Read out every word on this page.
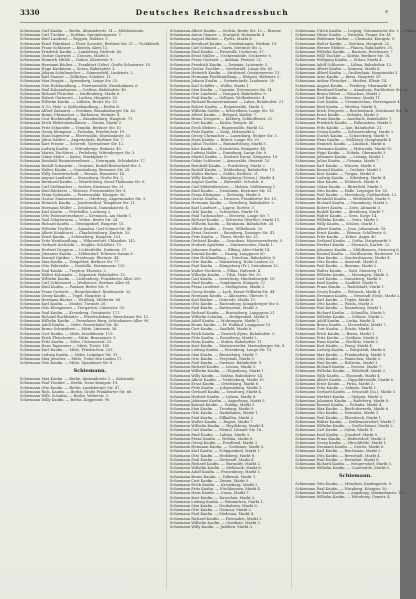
3330	Deutsches Reichsadressbuch	*
Schiemann Carl Kaufm. — Berlin, Alexanderstr. 14 — Mühlenbesitz.
Schiemann Carl Tischler — Kottbus, Sprembergerstr. 7.
Schiemann Emil Landwirt — Reppen, Waldstr. 3.
Schiemann Ernst Fabrikant — Forst (Lausitz), Berliner Str. 21 — Tuchfabrik.
Schiemann Franz Schlosser — Küstrin, Kietz 12.
Schiemann Friedrich Kaufm. — Landsberg, Richtstr. 40.
Schiemann Gustav Gastwirt — Crossen, Markt 5.
Schiemann Heinrich Mühle — Guben, Klosterstr. 9.
Schiemann Hermann Bäcker — Frankfurt (Oder), Große Scharrnstr. 18.
Schiemann Hugo Kaufmann — Sorau, Bahnhofstr. 3.
Schiemann Johann Schuhmacher — Sommerfeld, Lindenstr. 2.
Schiemann Karl Maurer — Züllichau, Schulstr. 11.
Schiemann Max Drogist — Spremberg, Lange Str. 25.
Schiemann Otto Holzhandlung — Fürstenwalde, Eisenbahnstr. 6.
Schiemann Paul Kolonialwaren — Cottbus, Bahnhofstr. 49.
Schiemann Richard Fleischer — Senftenberg, Markt 8.
Schiemann Robert Gärtnerei — Luckau, Hauptstr. 30.
Schiemann Wilhelm Kaufm. — Lübben, Breite Str. 15.
Schiemann & Co. Holz- u. Kohlenhandlung — Berlin N.
Schiemann Alfred Zahnarzt — Potsdam, Brandenburger Str. 62.
Schiemann Bruno Uhrmacher — Rathenow, Steinstr. 4.
Schiemann Curt Buchhandlung — Brandenburg, Hauptstr. 71.
Schiemann Erich Elektroinstallation — Nauen, Markt 2.
Schiemann Fritz Schneider — Templin, Berliner Str. 10.
Schiemann Georg Klempner — Prenzlau, Friedrichstr. 19.
Schiemann Hans Ingenieur — Eberswalde, Eisenbahnstr. 33.
Schiemann Julius Sattler — Angermünde, Berliner Str. 7.
Schiemann Kurt Friseur — Schwedt, Vierradener Str. 12.
Schiemann Ludwig Kaufm. — Wittenberge, Bahnstr. 45.
Schiemann Martin Tischlerei — Perleberg, Wittenberger Str. 3.
Schiemann Oskar Maler — Kyritz, Marktplatz 9.
Schiemann Reinhold Bauunternehmer — Neuruppin, Schinkelstr. 17.
Schiemann Rudolf Schmiede — Gransee, Rudolf-Breitscheid-Str. 5.
Schiemann Walter Kaufm. — Oranienburg, Bernauer Str. 28.
Schiemann Willy Gastwirtschaft — Bernau, Brauerstr. 14.
Schiemann August Landwirt — Strausberg, Große Str. 2.
Schiemann Bernhard Kaufm. — Müncheberg, Ernst-Thälmann-Str. 6.
Schiemann Carl Stellmacher — Seelow, Küstriner Str. 21.
Schiemann Emil Bäckerei — Wriezen, Freienwalder Str. 8.
Schiemann Franz Kolonialw. — Freienwalde, Königstr. 36.
Schiemann Gustav Zimmermeister — Oderberg, Angermünder Str. 3.
Schiemann Heinrich Kaufm. — Joachimsthal, Templiner Str. 11.
Schiemann Hermann Müller — Zehdenick, Dammhaststr. 4.
Schiemann Karl Kaufm. — Fehrbellin, Luchweg 2.
Schiemann Otto Fuhrunternehmer — Kremmen, Am Markt 1.
Schiemann Paul Schuhwaren — Velten, Breite Str. 24.
Schiemann Richard Kaufm. — Hennigsdorf, Hauptstr. 13.
Schiemann Wilhelm Tischler — Spandau, Carl-Schurz-Str. 40.
Schiemann Albert Konditorei — Charlottenburg, Kantstr. 55.
Schiemann Ernst Kaufm. — Schöneberg, Hauptstr. 101.
Schiemann Fritz Weinhandlung — Wilmersdorf, Uhlandstr. 142.
Schiemann Gerhard Architekt — Steglitz, Schloßstr. 19.
Schiemann Herbert Drogerie — Lichterfelde, Drakestr. 27.
Schiemann Johannes Kaufm. — Zehlendorf, Teltower Damm 8.
Schiemann Konrad Optiker — Friedenau, Rheinstr. 44.
Schiemann Max Kaufm. — Tempelhof, Berliner Str. 77.
Schiemann Otto Fahrräder — Neukölln, Hermannstr. 120.
Schiemann Paul Kaufm. — Treptow, Elsenstr. 3.
Schiemann Walter Kolonialw. — Köpenick, Bahnhofstr. 15.
Schiemann Wilhelm Kaufm. — Lichtenberg, Frankfurter Allee 200.
Schiemann Carl Schlosserei — Weißensee, Berliner Allee 61.
Schiemann Emil Kaufm. — Pankow, Breite Str. 9.
Schiemann Franz Gastwirt — Reinickendorf, Residenzstr. 32.
Schiemann Georg Kaufm. — Tegel, Hauptstr. 4.
Schiemann Hermann Bäcker — Wedding, Müllerstr. 88.
Schiemann Karl Kaufm. — Moabit, Turmstr. 26.
Schiemann Otto Klempnerei — Tiergarten, Lützowstr. 50.
Schiemann Paul Kaufm. — Kreuzberg, Oranienstr. 171.
Schiemann Richard Buchbinder — Friedrichshain, Warschauer Str. 12.
Schiemann Wilhelm Kaufm. — Prenzlauer Berg, Schönhauser Allee 99.
Schiemann Adolf Kaufm. — Mitte, Rosenthaler Str. 40.
Schiemann Bruno Schneiderei — Mitte, Linienstr. 58.
Schiemann Curt Kaufm. — Mitte, Invalidenstr. 115.
Schiemann Erich Fleischerei — Mitte, Brunnenstr. 5.
Schiemann Fritz Kaufm. — Mitte, Chausseestr. 23.
Schiemann Hans Tapezierer — Mitte, Torstr. 140.
Schiemann Kurt Kaufm. — Mitte, Friedrichstr. 205.
Schiemann Ludwig Kaufm. — Mitte, Leipziger Str. 31.
Schiemann Max Juwelier — Mitte, Unter den Linden 17.
Schiemann Otto Kaufm. — Mitte, Spandauer Str. 8.
Schiemann.
Schiemann Max Kaufm. — Berlin, Alexanderstr. 2 — Kolonialw.
Schiemann Paul Tischler — Berlin, Neue Königstr. 19.
Schiemann Otto Kaufm. — Berlin, Landsberger Str. 47.
Schiemann Rich. Kaufm. — Berlin, Große Frankfurter Str. 66.
Schiemann Wilh. Schuhm. — Berlin, Weberstr. 3.
Schiemann Willy Kaufm. — Berlin, Koppenstr. 90.
Schiemann Albert Kaufm. — Stettin, Breite Str. 12 — Eisenw.
Schiemann Anton Maurer — Stargard, Holzmarkt 4.
Schiemann August Bäcker — Pyritz, Markt 6.
Schiemann Bernhard Kaufm. — Greifenhagen, Wiekstr. 19.
Schiemann Carl Schmied — Gartz, Stettiner Str. 2.
Schiemann Emil Kaufm. — Pasewalk, Ueckerstr. 37.
Schiemann Ernst Müller — Ueckermünde, Ueckerstr. 8.
Schiemann Franz Gastwirt — Anklam, Peenstr. 22.
Schiemann Friedrich Kaufm. — Demmin, Luisenstr. 5.
Schiemann Gustav Tischler — Greifswald, Lange Str. 63.
Schiemann Heinrich Kaufm. — Stralsund, Ossenreyerstr. 11.
Schiemann Hermann Fischhandlung — Wolgast, Hafenstr. 2.
Schiemann Johann Kaufm. — Swinemünde, Lindenstr. 30.
Schiemann Karl Schiffer — Wollin, Markt 1.
Schiemann Max Kaufm. — Cammin, Dievenower Str. 14.
Schiemann Otto Landwirt — Naugard, Bahnhofstr. 9.
Schiemann Paul Kaufm. — Gollnow, Wollweberstr. 4.
Schiemann Richard Bauunternehmer — Labes, Bahnhofstr. 21.
Schiemann Robert Kaufm. — Regenwalde, Markt 3.
Schiemann Wilhelm Sattler — Schivelbein, Lange Str. 18.
Schiemann Alfred Kaufm. — Belgard, Karlstr. 7.
Schiemann Bruno Drogerie — Kolberg, Schlieffenstr. 25.
Schiemann Curt Kaufm. — Köslin, Bergstr. 40.
Schiemann Erich Elektro — Rügenwalde, Markt 12.
Schiemann Fritz Kaufm. — Stolp, Holzmarkt 6.
Schiemann Georg Uhrmacher — Lauenburg, Stolper Str. 3.
Schiemann Hans Kaufm. — Bütow, Lange Str. 29.
Schiemann Julius Tischler — Rummelsburg, Markt 5.
Schiemann Kurt Kaufm. — Neustettin, Königsstr. 44.
Schiemann Ludwig Maler — Dramburg, Lange Str. 8.
Schiemann Martin Kaufm. — Deutsch Krone, Königsstr. 16.
Schiemann Oskar Schlosser — Arnswalde, Steinstr. 10.
Schiemann Reinhold Kaufm. — Friedeberg, Markt 2.
Schiemann Rudolf Kaufm. — Woldenberg, Bahnhofstr. 13.
Schiemann Walter Bäcker — Soldin, Richtstr. 21.
Schiemann Willy Kaufm. — Königsberg (Neum.), Markt 4.
Schiemann August Kaufm. — Bärwalde, Schulstr. 6.
Schiemann Carl Mühlenbesitzer — Mohrin, Mühlenweg 1.
Schiemann Emil Kaufm. — Neudamm, Küstriner Str. 31.
Schiemann Franz Klempner — Zielenzig, Markt 9.
Schiemann Gustav Kaufm. — Drossen, Frankfurter Str. 15.
Schiemann Hermann Kaufm. — Sternberg, Bahnhofstr. 2.
Schiemann Karl Landwirt — Lagow, Dorfstr. 3.
Schiemann Otto Kaufm. — Schwiebus, Markt 18.
Schiemann Paul Tuchmacher — Meseritz, Lange Str. 7.
Schiemann Richard Kaufm. — Schwerin (Warthe), Markt 11.
Schiemann Wilhelm Kaufm. — Birnbaum, Bahnhofstr. 26.
Schiemann Albert Kaufm. — Posen, Wilhelmstr. 20.
Schiemann Ernst Gastwirt — Bromberg, Danziger Str. 41.
Schiemann Fritz Kaufm. — Thorn, Breite Str. 33.
Schiemann Gerhard Kaufm. — Graudenz, Marienwerderstr. 5.
Schiemann Herbert Apotheke — Marienwerder, Markt 1.
Schiemann Johannes Kaufm. — Elbing, Alter Markt 14.
Schiemann Konrad Kaufm. — Danzig, Langgasse 60.
Schiemann Max Holzhandlung — Dirschau, Bahnhofstr. 8.
Schiemann Otto Kaufm. — Marienburg, Hohe Lauben 22.
Schiemann Paul Kaufm. — Königsberg (Pr.), Steindamm 12.
Schiemann Walter Fischerei — Pillau, Hafenstr. 4.
Schiemann Wilhelm Kaufm. — Tilsit, Hohe Str. 35.
Schiemann Carl Kaufm. — Insterburg, Hindenburgstr. 19.
Schiemann Emil Kaufm. — Gumbinnen, Königstr. 27.
Schiemann Franz Landwirt — Stallupönen, Markt 2.
Schiemann Georg Kaufm. — Lyck, Kaiser-Wilhelm-Str. 44.
Schiemann Hermann Kaufm. — Allenstein, Oberstr. 9.
Schiemann Karl Bäcker — Osterode, Markt 13.
Schiemann Otto Kaufm. — Rastenburg, Königsberger Str. 6.
Schiemann Paul Kaufm. — Bartenstein, Markt 3.
Schiemann Richard Kaufm. — Braunsberg, Langgasse 21.
Schiemann Wilhelm Schuhm. — Heiligenbeil, Markt 8.
Schiemann Adolf Kaufm. — Mohrungen, Markt 1.
Schiemann Bruno Kaufm. — Pr. Holland, Langgasse 15.
Schiemann Curt Kaufm. — Saalfeld, Markt 6.
Schiemann Erich Kaufm. — Deutsch Eylau, Bahnhofstr. 3.
Schiemann Fritz Kaufm. — Rosenberg, Markt 2.
Schiemann Hans Kaufm. — Stuhm, Bahnhofstr. 11.
Schiemann Kurt Kaufm. — Marienwerder, Marienburger Str. 4.
Schiemann Ludwig Kaufm. — Rosenberg, Lange Str. 19.
Schiemann Max Kaufm. — Riesenburg, Markt 7.
Schiemann Otto Kaufm. — Freystadt, Markt 5.
Schiemann Paul Kaufm. — Garnsee, Bahnhofstr. 9.
Schiemann Richard Kaufm. — Lessen, Markt 3.
Schiemann Wilhelm Kaufm. — Gilgenburg, Markt 1.
Schiemann Willy Kaufm. — Soldau, Bahnhofstr. 14.
Schiemann Albert Kaufm. — Neidenburg, Markt 10.
Schiemann Ernst Kaufm. — Ortelsburg, Markt 6.
Schiemann Fritz Kaufm. — Johannisburg, Markt 2.
Schiemann Gerhard Kaufm. — Sensburg, Markt 4.
Schiemann Herbert Kaufm. — Lötzen, Markt 8.
Schiemann Johannes Kaufm. — Angerburg, Markt 3.
Schiemann Konrad Kaufm. — Goldap, Markt 5.
Schiemann Max Kaufm. — Treuburg, Markt 9.
Schiemann Otto Kaufm. — Darkehmen, Markt 1.
Schiemann Paul Kaufm. — Pillkallen, Markt 2.
Schiemann Walter Kaufm. — Ragnit, Markt 7.
Schiemann Wilhelm Kaufm. — Heydekrug, Markt 4.
Schiemann Carl Kaufm. — Memel, Libauer Str. 16.
Schiemann Emil Kaufm. — Labiau, Markt 3.
Schiemann Franz Kaufm. — Wehlau, Markt 6.
Schiemann Georg Kaufm. — Friedland, Markt 2.
Schiemann Hermann Kaufm. — Gerdauen, Markt 5.
Schiemann Karl Kaufm. — Schippenbeil, Markt 1.
Schiemann Otto Kaufm. — Heilsberg, Markt 8.
Schiemann Paul Kaufm. — Guttstadt, Markt 4.
Schiemann Richard Kaufm. — Wormditt, Markt 2.
Schiemann Wilhelm Kaufm. — Mehlsack, Markt 6.
Schiemann Adolf Kaufm. — Frauenburg, Markt 3.
Schiemann Bruno Kaufm. — Tolkemit, Markt 1.
Schiemann Curt Kaufm. — Zinten, Markt 5.
Schiemann Erich Kaufm. — Kreuzburg, Markt 2.
Schiemann Fritz Kaufm. — Fischhausen, Markt 4.
Schiemann Hans Kaufm. — Cranz, Markt 7.
Schiemann Kurt Kaufm. — Rauschen, Markt 3.
Schiemann Ludwig Kaufm. — Palmnicken, Markt 1.
Schiemann Max Kaufm. — Neukuhren, Markt 6.
Schiemann Otto Kaufm. — Germau, Markt 2.
Schiemann Paul Kaufm. — Medenau, Markt 4.
Schiemann Richard Kaufm. — Powunden, Markt 1.
Schiemann Wilhelm Kaufm. — Quednau, Markt 5.
Schiemann Willy Kaufm. — Juditten, Markt 3.
Schiemann Ulrich Kaufm. — Leipzig, Grimmaische Str. 3 — Pelzw.
Schiemann Viktor Kaufm. — Dresden, Prager Str. 41.
Schiemann Waldemar Bäcker — Chemnitz, Königstr. 9.
Schiemann Walter Kaufm. — Zwickau, Hauptstr. 22.
Schiemann Werner Elektro — Plauen, Bahnhofstr. 35.
Schiemann Wilhelm Kaufm. — Bautzen, Reichenstr. 7.
Schiemann Willi Tischler — Görlitz, Berliner Str. 18.
Schiemann Wolfgang Kaufm. — Zittau, Markt 4.
Schiemann Adolf Schlosser — Löbau, Bahnhofstr. 12.
Schiemann Albert Kaufm. — Kamenz, Markt 6.
Schiemann Alfred Kaufm. — Großenhain, Hauptmarkt 3.
Schiemann Arno Kaufm. — Riesa, Hauptstr. 55.
Schiemann Arthur Fleischer — Meißen, Elbstr. 14.
Schiemann August Kaufm. — Freiberg, Obermarkt 9.
Schiemann Bernhard Kaufm. — Annaberg, Buchholzer Str. 20.
Schiemann Bruno Weber — Glauchau, Markt 2.
Schiemann Carl Kaufm. — Meerane, Markt 11.
Schiemann Curt Kaufm. — Crimmitschau, Herrengasse 4.
Schiemann Emil Kaufm. — Werdau, Markt 8.
Schiemann Erich Drogerie — Reichenbach, Zwickauer Str. 16.
Schiemann Ernst Kaufm. — Oelsnitz, Markt 3.
Schiemann Franz Kaufm. — Auerbach, Bahnhofstr. 7.
Schiemann Friedrich Kaufm. — Falkenstein, Markt 5.
Schiemann Fritz Kaufm. — Aue, Bahnhofstr. 21.
Schiemann Georg Kaufm. — Schwarzenberg, Markt 2.
Schiemann Gustav Kaufm. — Schneeberg, Markt 9.
Schiemann Hans Kaufm. — Stollberg, Hauptmarkt 4.
Schiemann Heinrich Kaufm. — Limbach, Markt 6.
Schiemann Hermann Kaufm. — Mittweida, Markt 10.
Schiemann Hugo Kaufm. — Döbeln, Obermarkt 3.
Schiemann Johannes Kaufm. — Leisnig, Markt 1.
Schiemann Julius Kaufm. — Grimma, Markt 7.
Schiemann Karl Kaufm. — Wurzen, Markt 5.
Schiemann Konrad Kaufm. — Oschatz, Markt 2.
Schiemann Kurt Kaufm. — Torgau, Markt 8.
Schiemann Ludwig Kaufm. — Eilenburg, Markt 4.
Schiemann Max Kaufm. — Delitzsch, Markt 6.
Schiemann Oskar Kaufm. — Bitterfeld, Markt 3.
Schiemann Otto Kaufm. — Halle, Leipziger Str. 50.
Schiemann Paul Kaufm. — Merseburg, Gotthardtstr. 12.
Schiemann Reinhold Kaufm. — Weißenfels, Markt 9.
Schiemann Richard Kaufm. — Naumburg, Markt 2.
Schiemann Robert Kaufm. — Zeitz, Altmarkt 5.
Schiemann Rudolf Kaufm. — Altenburg, Markt 7.
Schiemann Walter Kaufm. — Gera, Sorge 14.
Schiemann Wilhelm Kaufm. — Greiz, Markt 3.
Schiemann Willy Kaufm. — Schleiz, Markt 1.
Schiemann Albert Kaufm. — Jena, Johannisstr. 18.
Schiemann Ernst Kaufm. — Weimar, Schillerstr. 6.
Schiemann Fritz Kaufm. — Erfurt, Anger 40.
Schiemann Gerhard Kaufm. — Gotha, Hauptmarkt 9.
Schiemann Herbert Kaufm. — Eisenach, Karlstr. 22.
Schiemann Johannes Kaufm. — Mühlhausen, Steinweg 8.
Schiemann Konrad Kaufm. — Nordhausen, Rautenstr. 15.
Schiemann Max Kaufm. — Sondershausen, Markt 4.
Schiemann Otto Kaufm. — Arnstadt, Markt 6.
Schiemann Paul Kaufm. — Ilmenau, Markt 2.
Schiemann Walter Kaufm. — Suhl, Steinweg 11.
Schiemann Wilhelm Kaufm. — Meiningen, Markt 3.
Schiemann Carl Kaufm. — Sonneberg, Markt 5.
Schiemann Emil Kaufm. — Saalfeld, Markt 8.
Schiemann Franz Kaufm. — Rudolstadt, Markt 1.
Schiemann Georg Kaufm. — Pößneck, Markt 4.
Schiemann Hermann Kaufm. — Neustadt (Orla), Markt 2.
Schiemann Karl Kaufm. — Triptis, Markt 6.
Schiemann Otto Kaufm. — Weida, Markt 3.
Schiemann Paul Kaufm. — Ronneburg, Markt 1.
Schiemann Richard Kaufm. — Schmölln, Markt 5.
Schiemann Wilhelm Kaufm. — Gößnitz, Markt 2.
Schiemann Adolf Kaufm. — Lucka, Markt 4.
Schiemann Bruno Kaufm. — Meuselwitz, Markt 7.
Schiemann Curt Kaufm. — Rositz, Markt 3.
Schiemann Erich Kaufm. — Borna, Markt 1.
Schiemann Fritz Kaufm. — Geithain, Markt 6.
Schiemann Hans Kaufm. — Rochlitz, Markt 2.
Schiemann Kurt Kaufm. — Penig, Markt 4.
Schiemann Ludwig Kaufm. — Burgstädt, Markt 8.
Schiemann Max Kaufm. — Frankenberg, Markt 3.
Schiemann Otto Kaufm. — Hainichen, Markt 5.
Schiemann Paul Kaufm. — Roßwein, Markt 1.
Schiemann Richard Kaufm. — Nossen, Markt 7.
Schiemann Wilhelm Kaufm. — Wilsdruff, Markt 2.
Schiemann Willy Kaufm. — Tharandt, Markt 4.
Schiemann Albert Kaufm. — Dippoldiswalde, Markt 6.
Schiemann Ernst Kaufm. — Pirna, Markt 3.
Schiemann Fritz Kaufm. — Sebnitz, Markt 1.
Schiemann Gerhard Kaufm. — Neustadt (Sa.), Markt 5.
Schiemann Herbert Kaufm. — Stolpen, Markt 2.
Schiemann Johannes Kaufm. — Radeberg, Markt 8.
Schiemann Konrad Kaufm. — Pulsnitz, Markt 4.
Schiemann Max Kaufm. — Bischofswerda, Markt 6.
Schiemann Otto Kaufm. — Neusalza, Markt 3.
Schiemann Paul Kaufm. — Ebersbach, Markt 1.
Schiemann Walter Kaufm. — Seifhennersdorf, Markt 7.
Schiemann Wilhelm Kaufm. — Großschönau, Markt 2.
Schiemann Carl Kaufm. — Oybin, Markt 4.
Schiemann Emil Kaufm. — Jonsdorf, Markt 5.
Schiemann Franz Kaufm. — Waltersdorf, Markt 3.
Schiemann Georg Kaufm. — Hirschfelde, Markt 1.
Schiemann Hermann Kaufm. — Ostritz, Markt 6.
Schiemann Karl Kaufm. — Reichenau, Markt 2.
Schiemann Otto Kaufm. — Bernstadt, Markt 4.
Schiemann Paul Kaufm. — Herrnhut, Markt 8.
Schiemann Richard Kaufm. — Neugersdorf, Markt 3.
Schiemann Wilhelm Kaufm. — Cunewalde, Markt 5.
Schiemann.
Schiemann Otto Kaufm. — München, Kaufingerstr. 9.
Schiemann Paul Kaufm. — Nürnberg, Königstr. 30.
Schiemann Richard Kaufm. — Augsburg, Maximilianstr. 12.
Schiemann Wilhelm Kaufm. — Würzburg, Domstr. 4.
